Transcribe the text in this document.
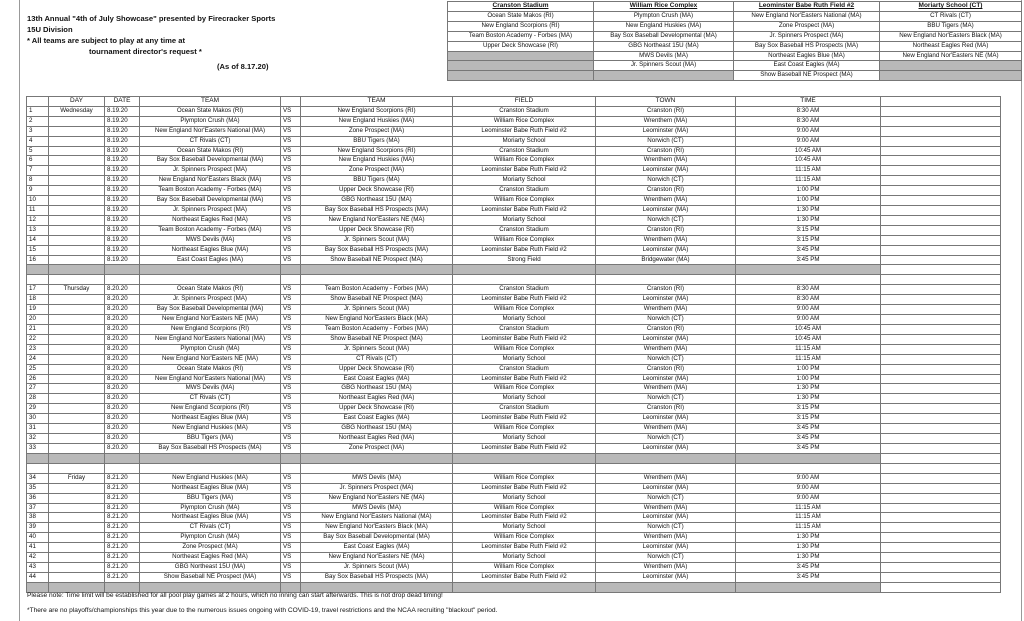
13th Annual "4th of July Showcase" presented by Firecracker Sports
15U Division
* All teams are subject to play at any time at
tournament director's request *
(As of 8.17.20)
Cranston Stadium	William Rice Complex	Leominster Babe Ruth Field #2	Moriarty School (CT)
Ocean State Makos (RI)	Plympton Crush (MA)	New England Nor'Easters National (MA)	CT Rivals (CT)
New England Scorpions (RI)	New England Huskies (MA)	Zone Prospect (MA)	BBU Tigers (MA)
Team Boston Academy - Forbes (MA)	Bay Sox Baseball Developmental (MA)	Jr. Spinners Prospect (MA)	New England Nor'Easters Black (MA)
Upper Deck Showcase (RI)	GBG Northeast 15U (MA)	Bay Sox Baseball HS Prospects (MA)	Northeast Eagles Red (MA)
	MWS Devils (MA)	Northeast Eagles Blue (MA)	New England Nor'Easters NE (MA)
	Jr. Spinners Scout (MA)	East Coast Eagles (MA)	
		Show Baseball NE Prospect (MA)	
	DAY	DATE	TEAM		TEAM	FIELD	TOWN	TIME	
1	Wednesday	8.19.20	Ocean State Makos (RI)	VS	New England Scorpions (RI)	Cranston Stadium	Cranston (RI)	8:30 AM	
2		8.19.20	Plympton Crush (MA)	VS	New England Huskies (MA)	William Rice Complex	Wrenthem (MA)	8:30 AM	
3		8.19.20	New England Nor'Easters National (MA)	VS	Zone Prospect (MA)	Leominster Babe Ruth Field #2	Leominster (MA)	9:00 AM	
4		8.19.20	CT Rivals (CT)	VS	BBU Tigers (MA)	Moriarty School	Norwich (CT)	9:00 AM	
5		8.19.20	Ocean State Makos (RI)	VS	New England Scorpions (RI)	Cranston Stadium	Cranston (RI)	10:45 AM	
6		8.19.20	Bay Sox Baseball Developmental (MA)	VS	New England Huskies (MA)	William Rice Complex	Wrenthem (MA)	10:45 AM	
7		8.19.20	Jr. Spinners Prospect (MA)	VS	Zone Prospect (MA)	Leominster Babe Ruth Field #2	Leominster (MA)	11:15 AM	
8		8.19.20	New England Nor'Easters Black (MA)	VS	BBU Tigers (MA)	Moriarty School	Norwich (CT)	11:15 AM	
9		8.19.20	Team Boston Academy - Forbes (MA)	VS	Upper Deck Showcase (RI)	Cranston Stadium	Cranston (RI)	1:00 PM	
10		8.19.20	Bay Sox Baseball Developmental (MA)	VS	GBG Northeast 15U (MA)	William Rice Complex	Wrenthem (MA)	1:00 PM	
11		8.19.20	Jr. Spinners Prospect (MA)	VS	Bay Sox Baseball HS Prospects (MA)	Leominster Babe Ruth Field #2	Leominster (MA)	1:30 PM	
12		8.19.20	Northeast Eagles Red (MA)	VS	New England Nor'Easters NE (MA)	Moriarty School	Norwich (CT)	1:30 PM	
13		8.19.20	Team Boston Academy - Forbes (MA)	VS	Upper Deck Showcase (RI)	Cranston Stadium	Cranston (RI)	3:15 PM	
14		8.19.20	MWS Devils (MA)	VS	Jr. Spinners Scout (MA)	William Rice Complex	Wrenthem (MA)	3:15 PM	
15		8.19.20	Northeast Eagles Blue (MA)	VS	Bay Sox Baseball HS Prospects (MA)	Leominster Babe Ruth Field #2	Leominster (MA)	3:45 PM	
16		8.19.20	East Coast Eagles (MA)	VS	Show Baseball NE Prospect (MA)	Strong Field	Bridgewater (MA)	3:45 PM	

17	Thursday	8.20.20	Ocean State Makos (RI)	VS	Team Boston Academy - Forbes (MA)	Cranston Stadium	Cranston (RI)	8:30 AM	
18		8.20.20	Jr. Spinners Prospect (MA)	VS	Show Baseball NE Prospect (MA)	Leominster Babe Ruth Field #2	Leominster (MA)	8:30 AM	
19		8.20.20	Bay Sox Baseball Developmental (MA)	VS	Jr. Spinners Scout (MA)	William Rice Complex	Wrenthem (MA)	9:00 AM	
20		8.20.20	New England Nor'Easters NE (MA)	VS	New England Nor'Easters Black (MA)	Moriarty School	Norwich (CT)	9:00 AM	
21		8.20.20	New England Scorpions (RI)	VS	Team Boston Academy - Forbes (MA)	Cranston Stadium	Cranston (RI)	10:45 AM	
22		8.20.20	New England Nor'Easters National (MA)	VS	Show Baseball NE Prospect (MA)	Leominster Babe Ruth Field #2	Leominster (MA)	10:45 AM	
23		8.20.20	Plympton Crush (MA)	VS	Jr. Spinners Scout (MA)	William Rice Complex	Wrenthem (MA)	11:15 AM	
24		8.20.20	New England Nor'Easters NE (MA)	VS	CT Rivals (CT)	Moriarty School	Norwich (CT)	11:15 AM	
25		8.20.20	Ocean State Makos (RI)	VS	Upper Deck Showcase (RI)	Cranston Stadium	Cranston (RI)	1:00 PM	
26		8.20.20	New England Nor'Easters National (MA)	VS	East Coast Eagles (MA)	Leominster Babe Ruth Field #2	Leominster (MA)	1:00 PM	
27		8.20.20	MWS Devils (MA)	VS	GBG Northeast 15U (MA)	William Rice Complex	Wrenthem (MA)	1:30 PM	
28		8.20.20	CT Rivals (CT)	VS	Northeast Eagles Red (MA)	Moriarty School	Norwich (CT)	1:30 PM	
29		8.20.20	New England Scorpions (RI)	VS	Upper Deck Showcase (RI)	Cranston Stadium	Cranston (RI)	3:15 PM	
30		8.20.20	Northeast Eagles Blue (MA)	VS	East Coast Eagles (MA)	Leominster Babe Ruth Field #2	Leominster (MA)	3:15 PM	
31		8.20.20	New England Huskies (MA)	VS	GBG Northeast 15U (MA)	William Rice Complex	Wrenthem (MA)	3:45 PM	
32		8.20.20	BBU Tigers (MA)	VS	Northeast Eagles Red (MA)	Moriarty School	Norwich (CT)	3:45 PM	
33		8.20.20	Bay Sox Baseball HS Prospects (MA)	VS	Zone Prospect (MA)	Leominster Babe Ruth Field #2	Leominster (MA)	3:45 PM	

34	Friday	8.21.20	New England Huskies (MA)	VS	MWS Devils (MA)	William Rice Complex	Wrenthem (MA)	9:00 AM	
35		8.21.20	Northeast Eagles Blue (MA)	VS	Jr. Spinners Prospect (MA)	Leominster Babe Ruth Field #2	Leominster (MA)	9:00 AM	
36		8.21.20	BBU Tigers (MA)	VS	New England Nor'Easters NE (MA)	Moriarty School	Norwich (CT)	9:00 AM	
37		8.21.20	Plympton Crush (MA)	VS	MWS Devils (MA)	William Rice Complex	Wrenthem (MA)	11:15 AM	
38		8.21.20	Northeast Eagles Blue (MA)	VS	New England Nor'Easters National (MA)	Leominster Babe Ruth Field #2	Leominster (MA)	11:15 AM	
39		8.21.20	CT Rivals (CT)	VS	New England Nor'Easters Black (MA)	Moriarty School	Norwich (CT)	11:15 AM	
40		8.21.20	Plympton Crush (MA)	VS	Bay Sox Baseball Developmental (MA)	William Rice Complex	Wrenthem (MA)	1:30 PM	
41		8.21.20	Zone Prospect (MA)	VS	East Coast Eagles (MA)	Leominster Babe Ruth Field #2	Leominster (MA)	1:30 PM	
42		8.21.20	Northeast Eagles Red (MA)	VS	New England Nor'Easters NE (MA)	Moriarty School	Norwich (CT)	1:30 PM	
43		8.21.20	GBG Northeast 15U (MA)	VS	Jr. Spinners Scout (MA)	William Rice Complex	Wrenthem (MA)	3:45 PM	
44		8.21.20	Show Baseball NE Prospect (MA)	VS	Bay Sox Baseball HS Prospects (MA)	Leominster Babe Ruth Field #2	Leominster (MA)	3:45 PM	

Please note: Time limit will be established for all pool play games at 2 hours, which no inning can start afterwards. This is not drop dead timing!
*There are no playoffs/championships this year due to the numerous issues ongoing with COVID-19, travel restrictions and the NCAA recruiting "blackout" period.
